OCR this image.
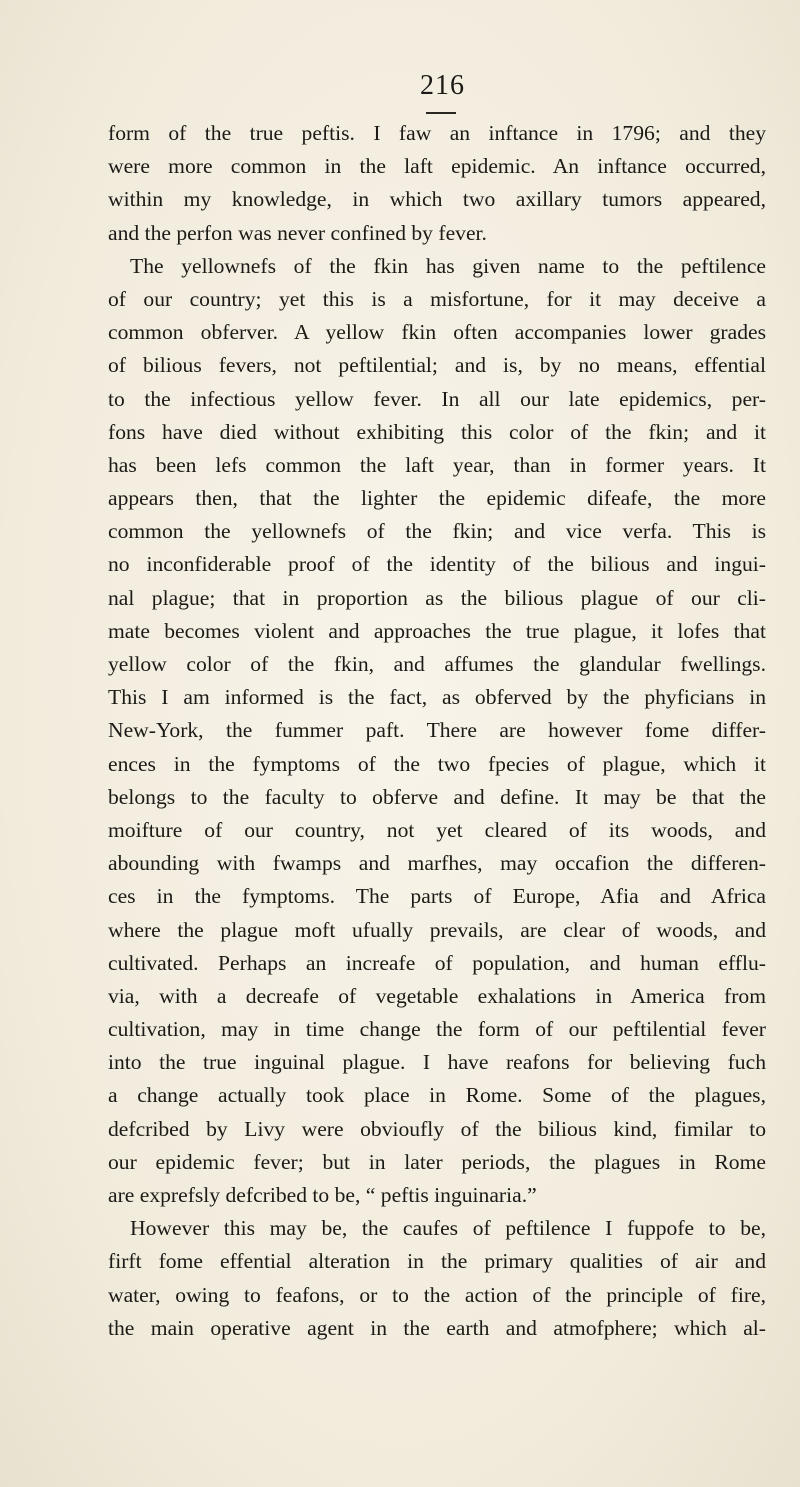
216
form of the true peftis. I faw an inftance in 1796; and they
were more common in the laft epidemic. An inftance occurred,
within my knowledge, in which two axillary tumors appeared,
and the perfon was never confined by fever.
The yellownefs of the fkin has given name to the peftilence
of our country; yet this is a misfortune, for it may deceive a
common obferver. A yellow fkin often accompanies lower grades
of bilious fevers, not peftilential; and is, by no means, effential
to the infectious yellow fever. In all our late epidemics, per-
fons have died without exhibiting this color of the fkin; and it
has been lefs common the laft year, than in former years. It
appears then, that the lighter the epidemic difeafe, the more
common the yellownefs of the fkin; and vice verfa. This is
no inconfiderable proof of the identity of the bilious and ingui-
nal plague; that in proportion as the bilious plague of our cli-
mate becomes violent and approaches the true plague, it lofes that
yellow color of the fkin, and affumes the glandular fwellings.
This I am informed is the fact, as obferved by the phyficians in
New-York, the fummer paft. There are however fome differ-
ences in the fymptoms of the two fpecies of plague, which it
belongs to the faculty to obferve and define. It may be that the
moifture of our country, not yet cleared of its woods, and
abounding with fwamps and marfhes, may occafion the differen-
ces in the fymptoms. The parts of Europe, Afia and Africa
where the plague moft ufually prevails, are clear of woods, and
cultivated. Perhaps an increafe of population, and human efflu-
via, with a decreafe of vegetable exhalations in America from
cultivation, may in time change the form of our peftilential fever
into the true inguinal plague. I have reafons for believing fuch
a change actually took place in Rome. Some of the plagues,
defcribed by Livy were obvioufly of the bilious kind, fimilar to
our epidemic fever; but in later periods, the plagues in Rome
are exprefsly defcribed to be, “ peftis inguinaria.”
However this may be, the caufes of peftilence I fuppofe to be,
firft fome effential alteration in the primary qualities of air and
water, owing to feafons, or to the action of the principle of fire,
the main operative agent in the earth and atmofphere; which al-
